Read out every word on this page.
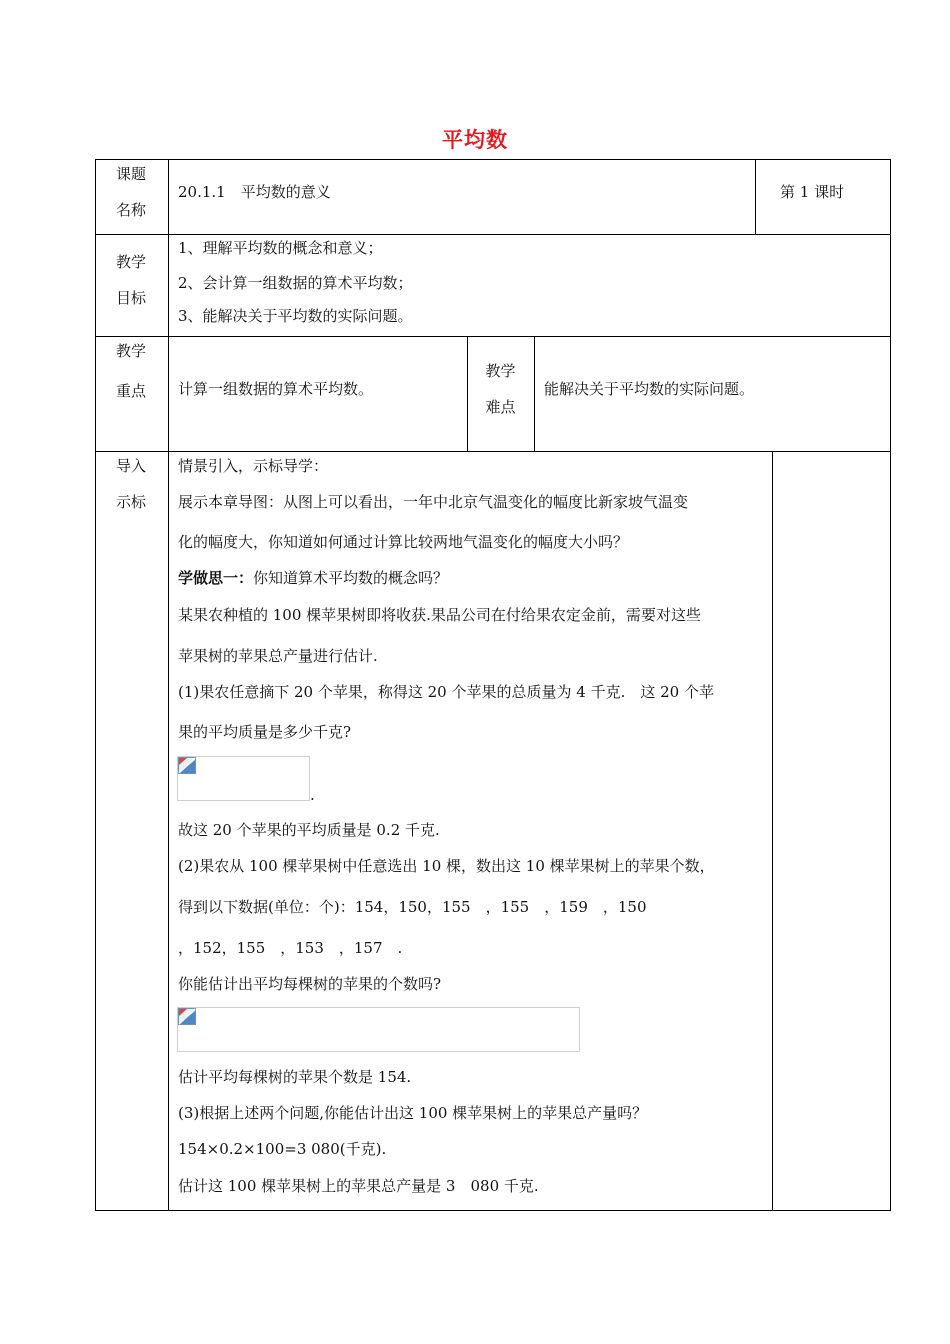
平均数
课题
名称
20.1.1　平均数的意义	第 1 课时
教学
目标
1、理解平均数的概念和意义；
2、会计算一组数据的算术平均数；
3、能解决关于平均数的实际问题。
教学
重点	计算一组数据的算术平均数。
教学
难点
能解决关于平均数的实际问题。
导入
示标
情景引入，示标导学：
展示本章导图：从图上可以看出，一年中北京气温变化的幅度比新家坡气温变
化的幅度大，你知道如何通过计算比较两地气温变化的幅度大小吗？
学做思一：你知道算术平均数的概念吗？
某果农种植的 100 棵苹果树即将收获.果品公司在付给果农定金前，需要对这些
苹果树的苹果总产量进行估计.
(1)果农任意摘下 20 个苹果，称得这 20 个苹果的总质量为 4 千克.　这 20 个苹
果的平均质量是多少千克?
.
故这 20 个苹果的平均质量是 0.2 千克.
(2)果农从 100 棵苹果树中任意选出 10 棵，数出这 10 棵苹果树上的苹果个数，
得到以下数据(单位：个)：154，150，155　，155　，159　，150
，152，155　，153　，157　.
你能估计出平均每棵树的苹果的个数吗?
估计平均每棵树的苹果个数是 154.
(3)根据上述两个问题,你能估计出这 100 棵苹果树上的苹果总产量吗？
154×0.2×100=3 080(千克).
估计这 100 棵苹果树上的苹果总产量是 3　080 千克.
